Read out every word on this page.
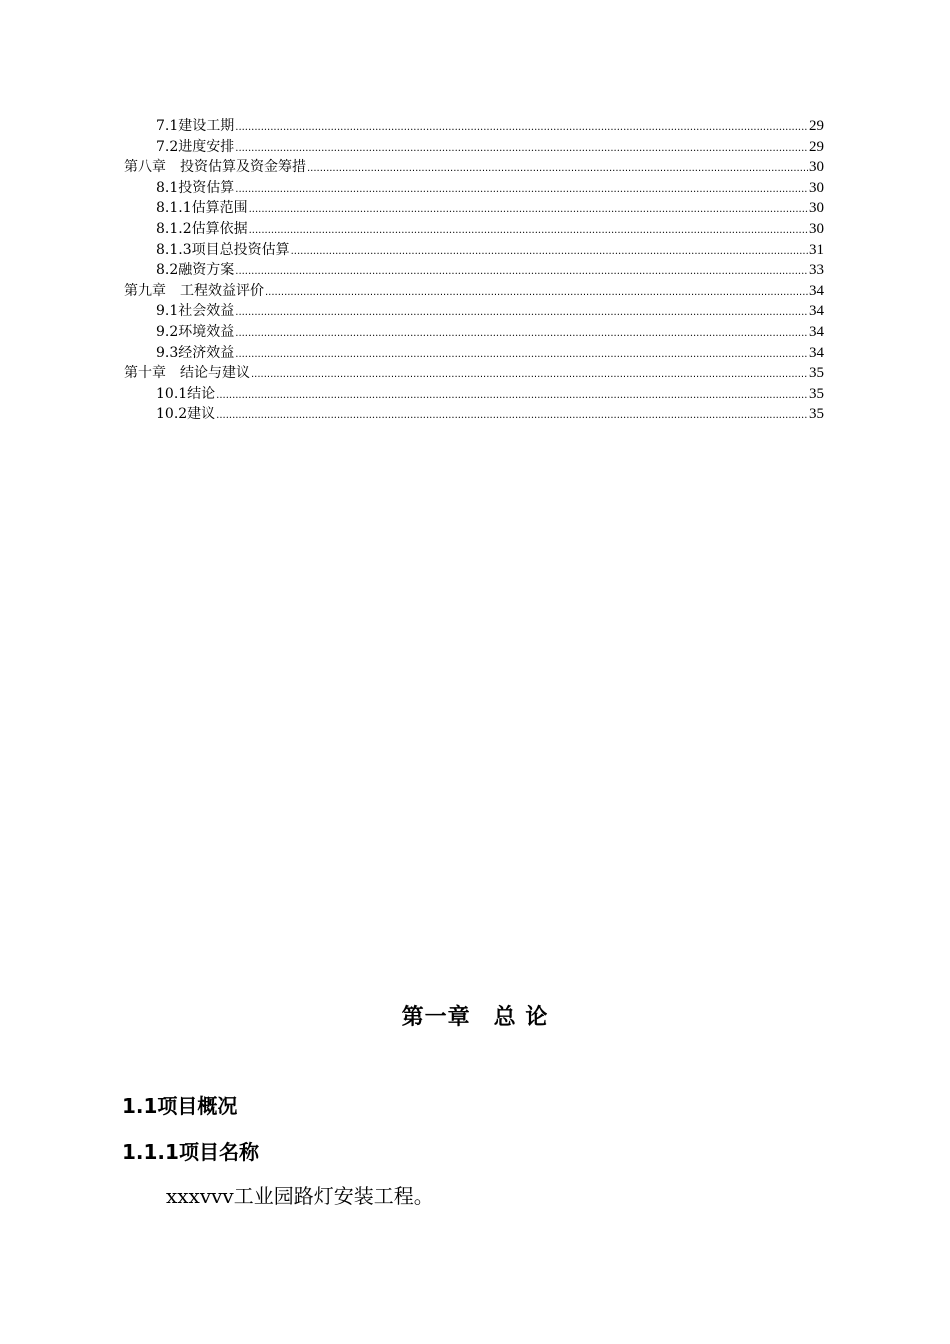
7.1建设工期 .....	29
7.2进度安排 .....	29
第八章　投资估算及资金筹措 .....	30
8.1投资估算 .....	30
8.1.1估算范围 .....	30
8.1.2估算依据 .....	30
8.1.3项目总投资估算 .....	31
8.2融资方案 .....	33
第九章　工程效益评价 .....	34
9.1社会效益 .....	34
9.2环境效益 .....	34
9.3经济效益 .....	34
第十章　结论与建议 .....	35
10.1结论 .....	35
10.2建议 .....	35
第一章　总 论
1.1项目概况
1.1.1项目名称
xxxvvv工业园路灯安装工程。
